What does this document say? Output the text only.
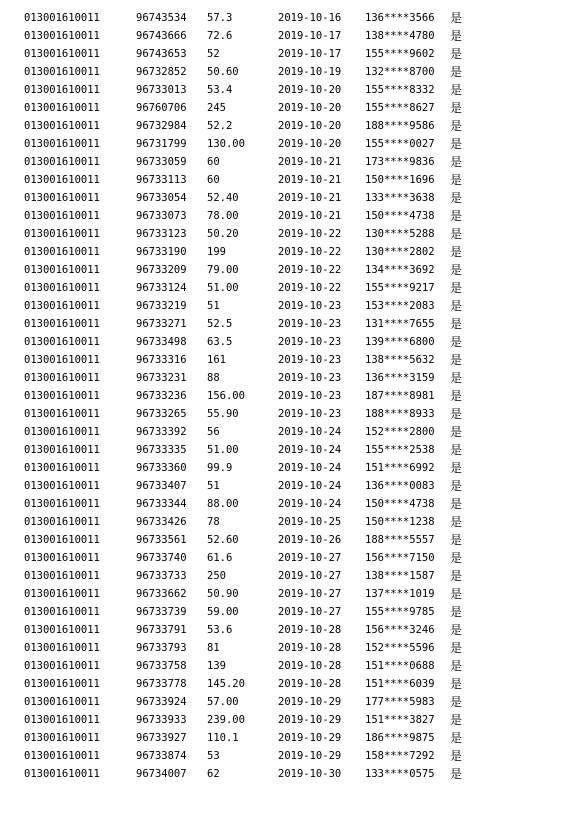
013001610011	96743534 57.3	2019-10-16 136****3566 是
013001610011	96743666 72.6	2019-10-17 138****4780 是
013001610011	96743653 52	2019-10-17 155****9602 是
013001610011	96732852 50.60	2019-10-19 132****8700 是
013001610011	96733013 53.4	2019-10-20 155****8332 是
013001610011	96760706 245	2019-10-20 155****8627 是
013001610011	96732984 52.2	2019-10-20 188****9586 是
013001610011	96731799 130.00	2019-10-20 155****0027 是
013001610011	96733059 60	2019-10-21 173****9836 是
013001610011	96733113 60	2019-10-21 150****1696 是
013001610011	96733054 52.40	2019-10-21 133****3638 是
013001610011	96733073 78.00	2019-10-21 150****4738 是
013001610011	96733123 50.20	2019-10-22 130****5288 是
013001610011	96733190 199	2019-10-22 130****2802 是
013001610011	96733209 79.00	2019-10-22 134****3692 是
013001610011	96733124 51.00	2019-10-22 155****9217 是
013001610011	96733219 51	2019-10-23 153****2083 是
013001610011	96733271 52.5	2019-10-23 131****7655 是
013001610011	96733498 63.5	2019-10-23 139****6800 是
013001610011	96733316 161	2019-10-23 138****5632 是
013001610011	96733231 88	2019-10-23 136****3159 是
013001610011	96733236 156.00	2019-10-23 187****8981 是
013001610011	96733265 55.90	2019-10-23 188****8933 是
013001610011	96733392 56	2019-10-24 152****2800 是
013001610011	96733335 51.00	2019-10-24 155****2538 是
013001610011	96733360 99.9	2019-10-24 151****6992 是
013001610011	96733407 51	2019-10-24 136****0083 是
013001610011	96733344 88.00	2019-10-24 150****4738 是
013001610011	96733426 78	2019-10-25 150****1238 是
013001610011	96733561 52.60	2019-10-26 188****5557 是
013001610011	96733740 61.6	2019-10-27 156****7150 是
013001610011	96733733 250	2019-10-27 138****1587 是
013001610011	96733662 50.90	2019-10-27 137****1019 是
013001610011	96733739 59.00	2019-10-27 155****9785 是
013001610011	96733791 53.6	2019-10-28 156****3246 是
013001610011	96733793 81	2019-10-28 152****5596 是
013001610011	96733758 139	2019-10-28 151****0688 是
013001610011	96733778 145.20	2019-10-28 151****6039 是
013001610011	96733924 57.00	2019-10-29 177****5983 是
013001610011	96733933 239.00	2019-10-29 151****3827 是
013001610011	96733927 110.1	2019-10-29 186****9875 是
013001610011	96733874 53	2019-10-29 158****7292 是
013001610011	96734007 62	2019-10-30 133****0575 是
